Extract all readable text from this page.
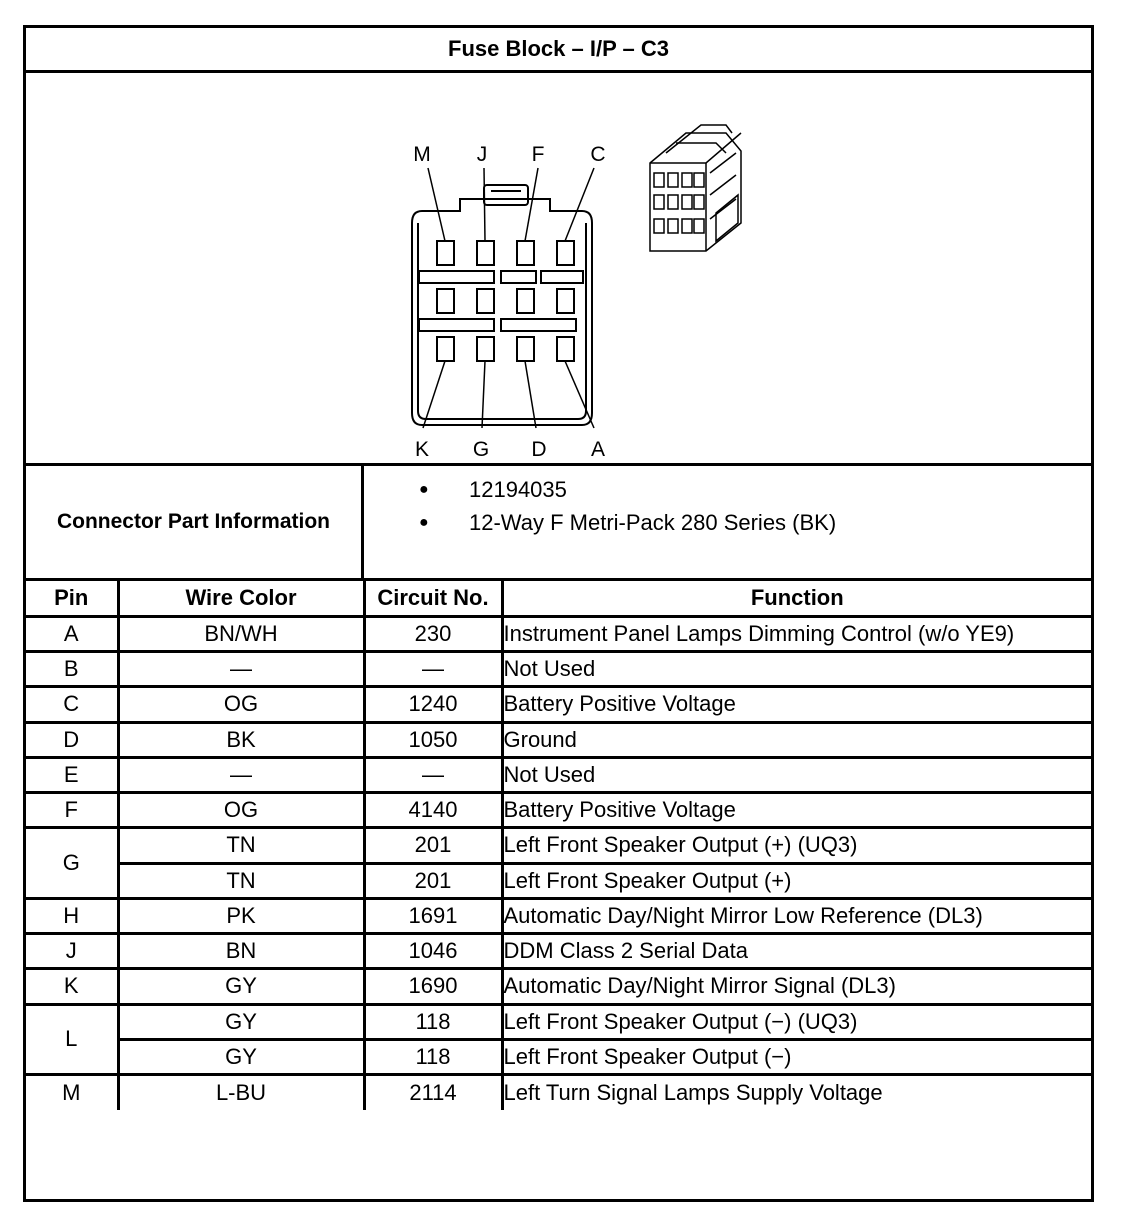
Fuse Block – I/P – C3
M J F C
K G D A
Connector Part Information
● 12194035
● 12-Way F Metri-Pack 280 Series (BK)
Pin	Wire Color	Circuit No.	Function
A	BN/WH	230	Instrument Panel Lamps Dimming Control (w/o YE9)
B	—	—	Not Used
C	OG	1240	Battery Positive Voltage
D	BK	1050	Ground
E	—	—	Not Used
F	OG	4140	Battery Positive Voltage
G	TN	201	Left Front Speaker Output (+) (UQ3)
	TN	201	Left Front Speaker Output (+)
H	PK	1691	Automatic Day/Night Mirror Low Reference (DL3)
J	BN	1046	DDM Class 2 Serial Data
K	GY	1690	Automatic Day/Night Mirror Signal (DL3)
L	GY	118	Left Front Speaker Output (−) (UQ3)
	GY	118	Left Front Speaker Output (−)
M	L-BU	2114	Left Turn Signal Lamps Supply Voltage
